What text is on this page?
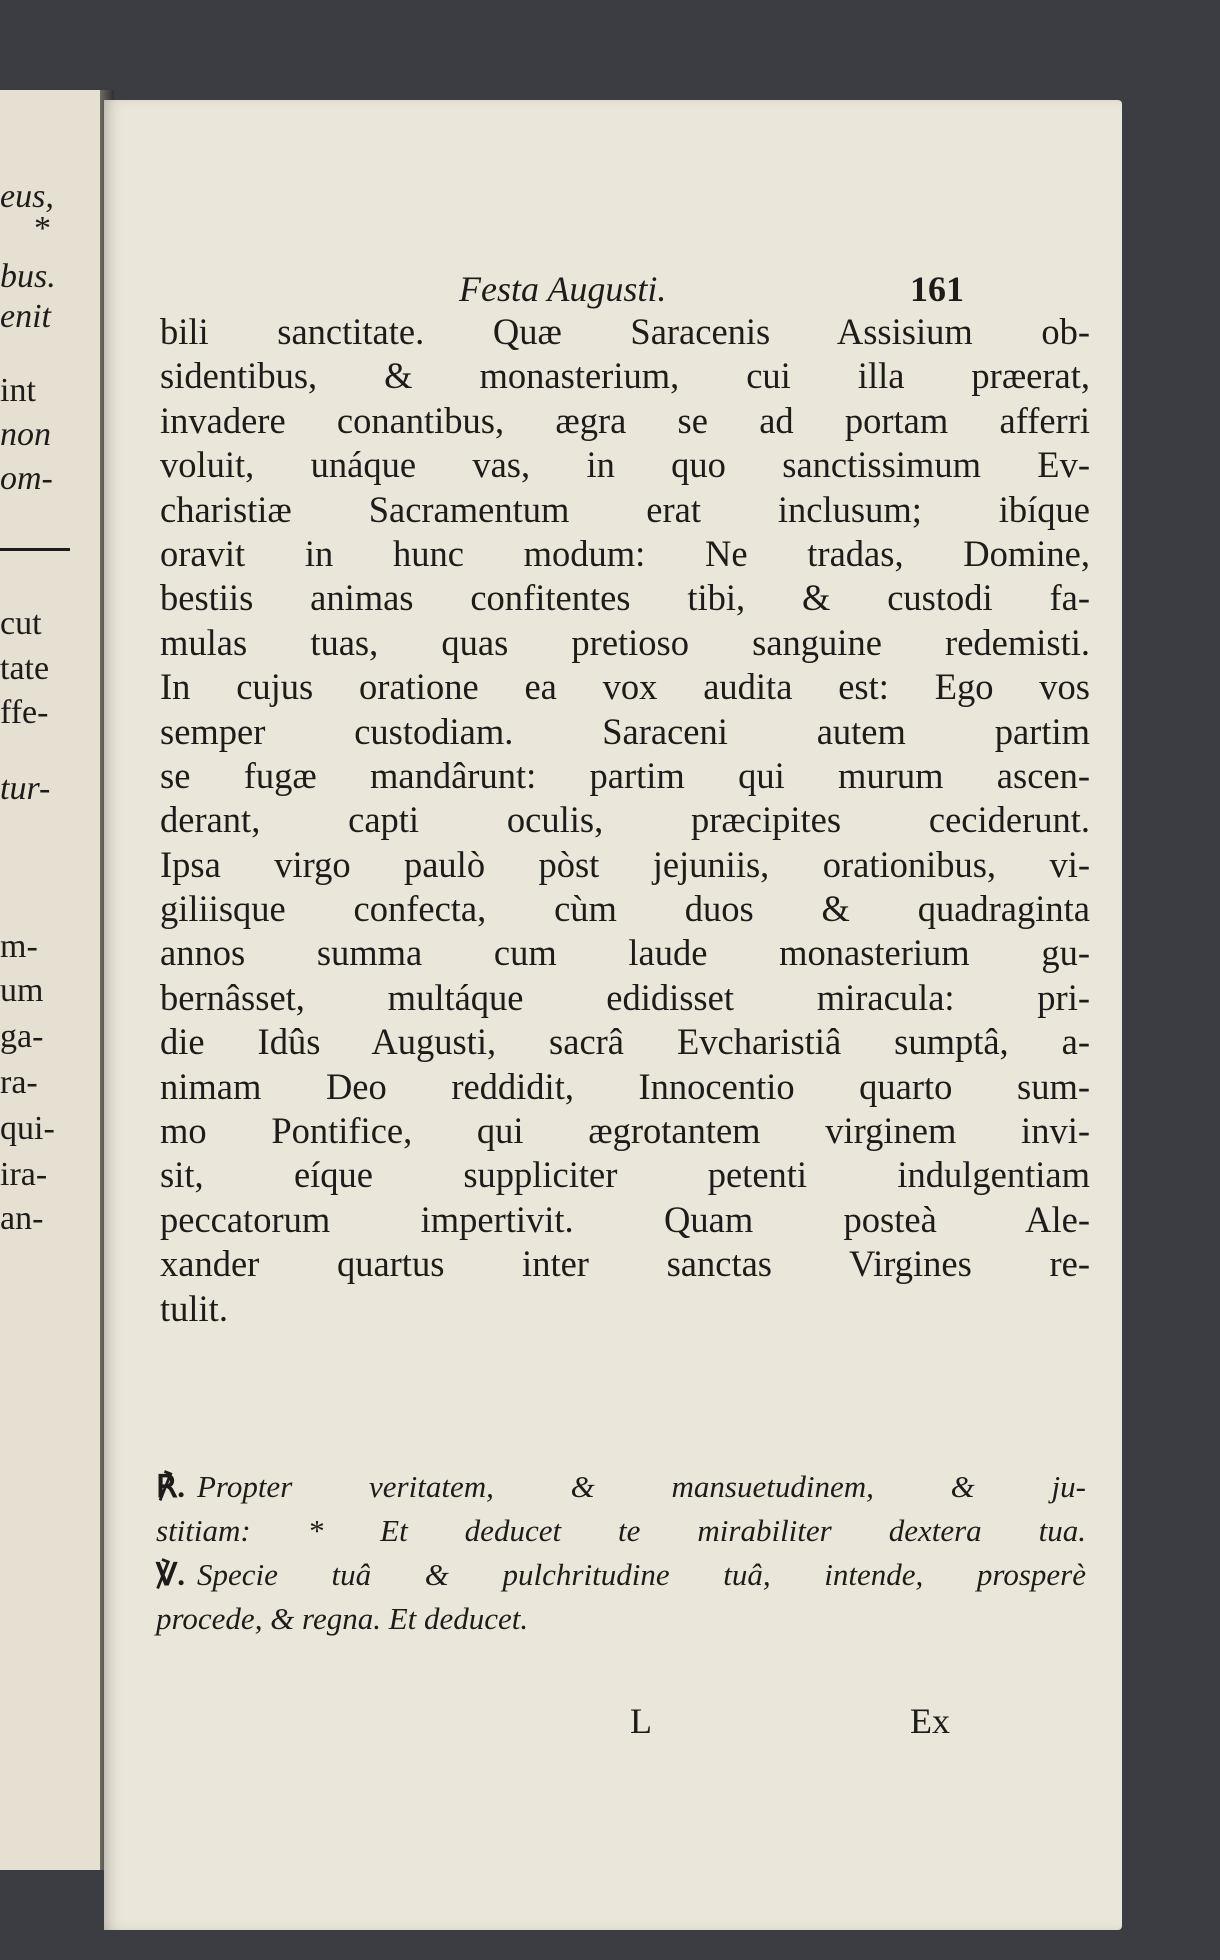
eus,
*
bus.
enit
int
non
om-
cut
tate
ffe-
tur-
m-
um
ga-
ra-
qui-
ira-
an-
Festa Augusti.	161
bili sanctitate. Quæ Saracenis Assisium ob-
sidentibus, & monasterium, cui illa præerat,
invadere conantibus, ægra se ad portam afferri
voluit, unáque vas, in quo sanctissimum Ev-
charistiæ Sacramentum erat inclusum; ibíque
oravit in hunc modum: Ne tradas, Domine,
bestiis animas confitentes tibi, & custodi fa-
mulas tuas, quas pretioso sanguine redemisti.
In cujus oratione ea vox audita est: Ego vos
semper custodiam. Saraceni autem partim
se fugæ mandârunt: partim qui murum ascen-
derant, capti oculis, præcipites ceciderunt.
Ipsa virgo paulò pòst jejuniis, orationibus, vi-
giliisque confecta, cùm duos & quadraginta
annos summa cum laude monasterium gu-
bernâsset, multáque edidisset miracula: pri-
die Idûs Augusti, sacrâ Evcharistiâ sumptâ, a-
nimam Deo reddidit, Innocentio quarto sum-
mo Pontifice, qui ægrotantem virginem invi-
sit, eíque suppliciter petenti indulgentiam
peccatorum impertivit. Quam posteà Ale-
xander quartus inter sanctas Virgines re-
tulit.
℟. Propter veritatem, & mansuetudinem, & ju-
stitiam: * Et deducet te mirabiliter dextera tua.
℣. Specie tuâ & pulchritudine tuâ, intende, prosperè
procede, & regna. Et deducet.
L	Ex
